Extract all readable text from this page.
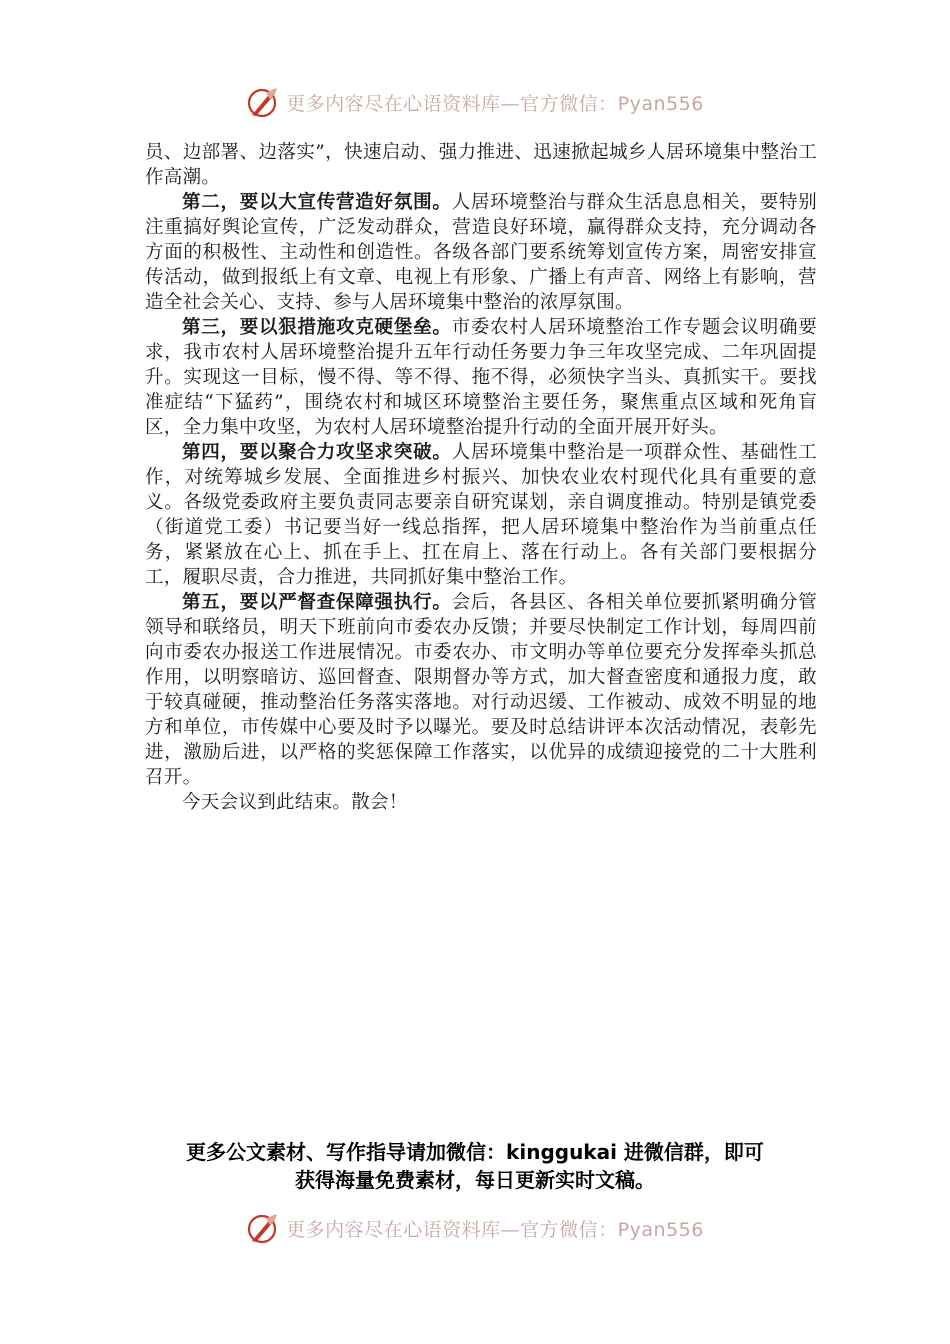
更多内容尽在心语资料库—官方微信：Pyan556

员、边部署、边落实”，快速启动、强力推进、迅速掀起城乡人居环境集中整治工作高潮。

第二，要以大宣传营造好氛围。人居环境整治与群众生活息息相关，要特别注重搞好舆论宣传，广泛发动群众，营造良好环境，赢得群众支持，充分调动各方面的积极性、主动性和创造性。各级各部门要系统筹划宣传方案，周密安排宣传活动，做到报纸上有文章、电视上有形象、广播上有声音、网络上有影响，营造全社会关心、支持、参与人居环境集中整治的浓厚氛围。

第三，要以狠措施攻克硬堡垒。市委农村人居环境整治工作专题会议明确要求，我市农村人居环境整治提升五年行动任务要力争三年攻坚完成、二年巩固提升。实现这一目标，慢不得、等不得、拖不得，必须快字当头、真抓实干。要找准症结“下猛药”，围绕农村和城区环境整治主要任务，聚焦重点区域和死角盲区，全力集中攻坚，为农村人居环境整治提升行动的全面开展开好头。

第四，要以聚合力攻坚求突破。人居环境集中整治是一项群众性、基础性工作，对统筹城乡发展、全面推进乡村振兴、加快农业农村现代化具有重要的意义。各级党委政府主要负责同志要亲自研究谋划，亲自调度推动。特别是镇党委（街道党工委）书记要当好一线总指挥，把人居环境集中整治作为当前重点任务，紧紧放在心上、抓在手上、扛在肩上、落在行动上。各有关部门要根据分工，履职尽责，合力推进，共同抓好集中整治工作。

第五，要以严督查保障强执行。会后，各县区、各相关单位要抓紧明确分管领导和联络员，明天下班前向市委农办反馈；并要尽快制定工作计划，每周四前向市委农办报送工作进展情况。市委农办、市文明办等单位要充分发挥牵头抓总作用，以明察暗访、巡回督查、限期督办等方式，加大督查密度和通报力度，敢于较真碰硬，推动整治任务落实落地。对行动迟缓、工作被动、成效不明显的地方和单位，市传媒中心要及时予以曝光。要及时总结讲评本次活动情况，表彰先进，激励后进，以严格的奖惩保障工作落实，以优异的成绩迎接党的二十大胜利召开。

今天会议到此结束。散会！

更多公文素材、写作指导请加微信：kinggukai 进微信群，即可

获得海量免费素材，每日更新实时文稿。

更多内容尽在心语资料库—官方微信：Pyan556
